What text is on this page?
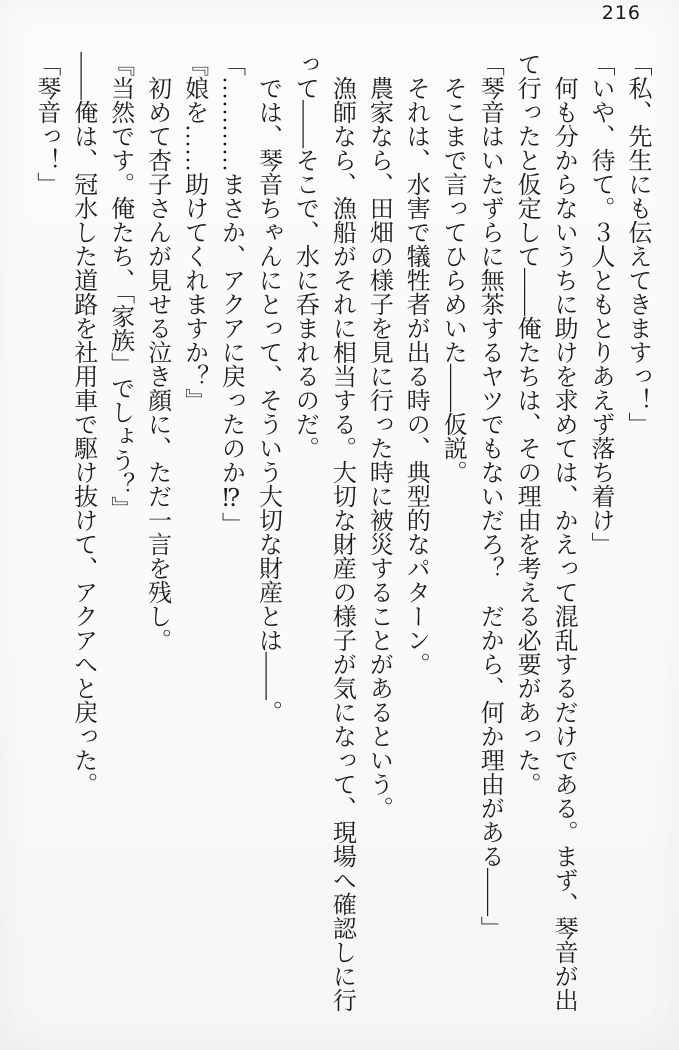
216

「私、先生にも伝えてきますっ！」

「いや、待て。３人ともとりあえず落ち着け」

何も分からないうちに助けを求めては、かえって混乱するだけである。まず、琴音が出て行ったと仮定して――俺たちは、その理由を考える必要があった。

「琴音はいたずらに無茶するヤツでもないだろ？　だから、何か理由がある――」

そこまで言ってひらめいた――仮説。

それは、水害で犠牲者が出る時の、典型的なパターン。

農家なら、田畑の様子を見に行った時に被災することがあるという。

漁師なら、漁船がそれに相当する。大切な財産の様子が気になって、現場へ確認しに行って――そこで、水に呑まれるのだ。

では、琴音ちゃんにとって、そういう大切な財産とは――。

「…………まさか、アクアに戻ったのか⁉」

『娘を……助けてくれますか？』

初めて杏子さんが見せる泣き顔に、ただ一言を残し。

『当然です。俺たち、「家族」でしょう？』

――俺は、冠水した道路を社用車で駆け抜けて、アクアへと戻った。

「琴音っ！」
